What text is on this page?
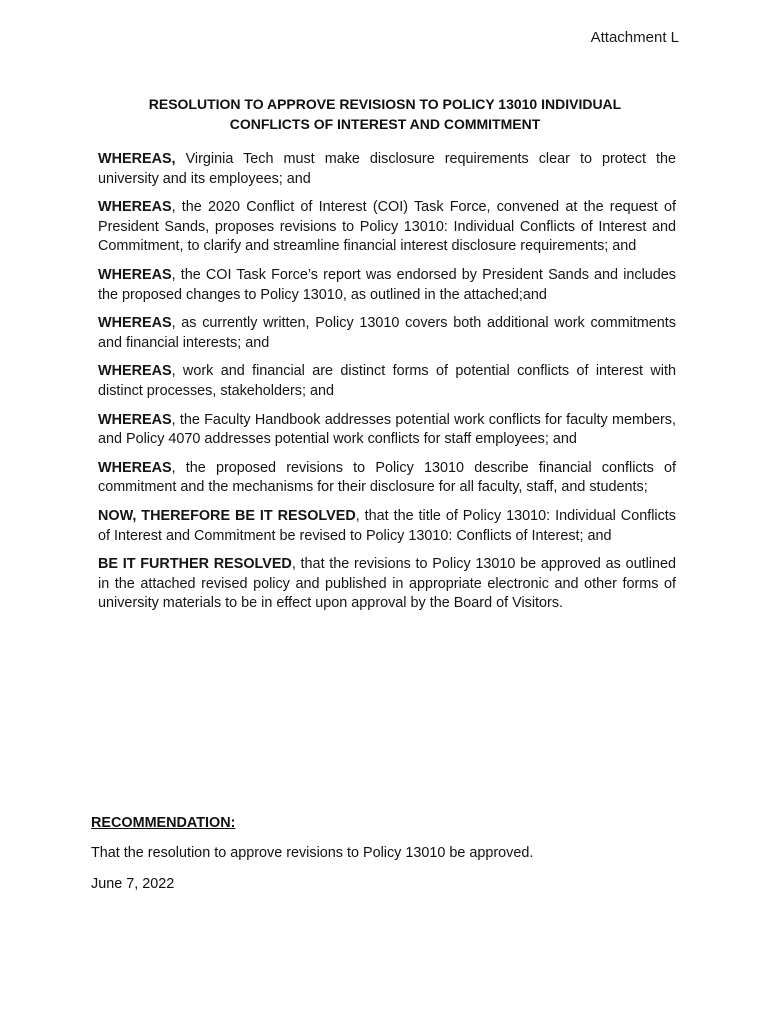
Attachment L
RESOLUTION TO APPROVE REVISIOSN TO POLICY 13010 INDIVIDUAL
CONFLICTS OF INTEREST AND COMMITMENT

WHEREAS, Virginia Tech must make disclosure requirements clear to protect the university and its employees; and

WHEREAS, the 2020 Conflict of Interest (COI) Task Force, convened at the request of President Sands, proposes revisions to Policy 13010: Individual Conflicts of Interest and Commitment, to clarify and streamline financial interest disclosure requirements; and

WHEREAS, the COI Task Force’s report was endorsed by President Sands and includes the proposed changes to Policy 13010, as outlined in the attached;and

WHEREAS, as currently written, Policy 13010 covers both additional work commitments and financial interests; and

WHEREAS, work and financial are distinct forms of potential conflicts of interest with distinct processes, stakeholders; and

WHEREAS, the Faculty Handbook addresses potential work conflicts for faculty members, and Policy 4070 addresses potential work conflicts for staff employees; and

WHEREAS, the proposed revisions to Policy 13010 describe financial conflicts of commitment and the mechanisms for their disclosure for all faculty, staff, and students;

NOW, THEREFORE BE IT RESOLVED, that the title of Policy 13010: Individual Conflicts of Interest and Commitment be revised to Policy 13010: Conflicts of Interest; and

BE IT FURTHER RESOLVED, that the revisions to Policy 13010 be approved as outlined in the attached revised policy and published in appropriate electronic and other forms of university materials to be in effect upon approval by the Board of Visitors.

RECOMMENDATION:
That the resolution to approve revisions to Policy 13010 be approved.
June 7, 2022
